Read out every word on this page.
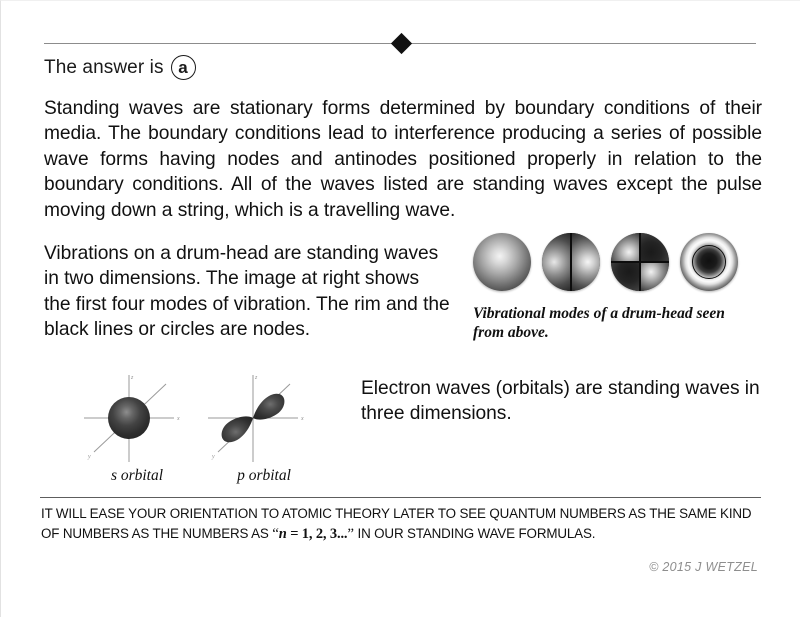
The answer is a
Standing waves are stationary forms determined by boundary conditions of their media. The boundary conditions lead to interference producing a series of possible wave forms having nodes and antinodes positioned properly in relation to the boundary conditions. All of the waves listed are standing waves except the pulse moving down a string, which is a travelling wave.
Vibrations on a drum-head are standing waves in two dimensions. The image at right shows the first four modes of vibration. The rim and the black lines or circles are nodes.
Vibrational modes of a drum-head seen from above.
Electron waves (orbitals) are standing waves in three dimensions.
x
y
z
x
y
z
s orbital	p orbital
IT WILL EASE YOUR ORIENTATION TO ATOMIC THEORY LATER TO SEE QUANTUM NUMBERS AS THE SAME KIND OF NUMBERS AS THE NUMBERS AS “n = 1, 2, 3...” IN OUR STANDING WAVE FORMULAS.
© 2015 J WETZEL
